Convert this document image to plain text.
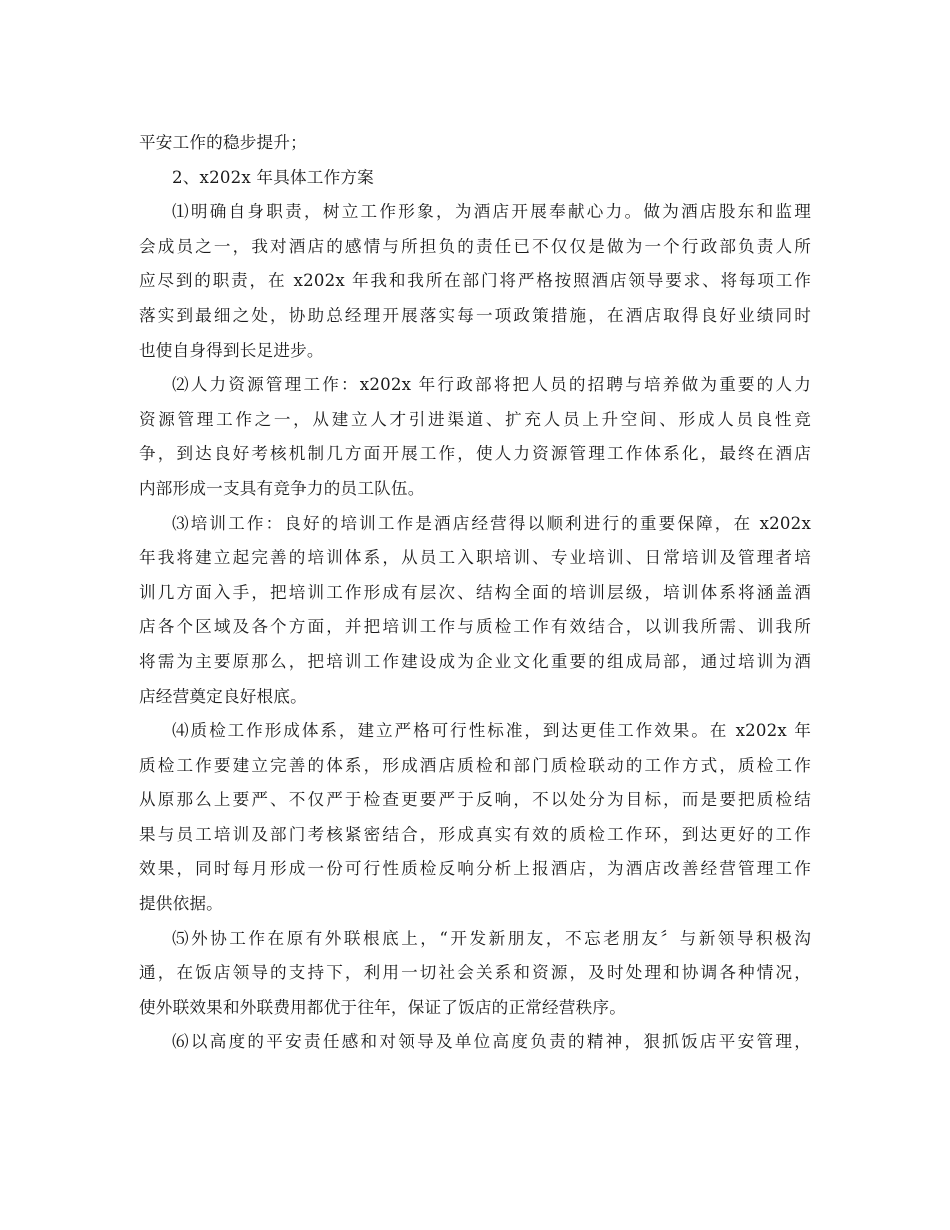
平安工作的稳步提升；
2、x202x 年具体工作方案
⑴明确自身职责，树立工作形象，为酒店开展奉献心力。做为酒店股东和监理
会成员之一，我对酒店的感情与所担负的责任已不仅仅是做为一个行政部负责人所
应尽到的职责，在 x202x 年我和我所在部门将严格按照酒店领导要求、将每项工作
落实到最细之处，协助总经理开展落实每一项政策措施，在酒店取得良好业绩同时
也使自身得到长足进步。
⑵人力资源管理工作：x202x 年行政部将把人员的招聘与培养做为重要的人力
资源管理工作之一，从建立人才引进渠道、扩充人员上升空间、形成人员良性竞
争，到达良好考核机制几方面开展工作，使人力资源管理工作体系化，最终在酒店
内部形成一支具有竞争力的员工队伍。
⑶培训工作：良好的培训工作是酒店经营得以顺利进行的重要保障，在 x202x
年我将建立起完善的培训体系，从员工入职培训、专业培训、日常培训及管理者培
训几方面入手，把培训工作形成有层次、结构全面的培训层级，培训体系将涵盖酒
店各个区域及各个方面，并把培训工作与质检工作有效结合，以训我所需、训我所
将需为主要原那么，把培训工作建设成为企业文化重要的组成局部，通过培训为酒
店经营奠定良好根底。
⑷质检工作形成体系，建立严格可行性标准，到达更佳工作效果。在 x202x 年
质检工作要建立完善的体系，形成酒店质检和部门质检联动的工作方式，质检工作
从原那么上要严、不仅严于检查更要严于反响，不以处分为目标，而是要把质检结
果与员工培训及部门考核紧密结合，形成真实有效的质检工作环，到达更好的工作
效果，同时每月形成一份可行性质检反响分析上报酒店，为酒店改善经营管理工作
提供依据。
⑸外协工作在原有外联根底上，“开发新朋友，不忘老朋友〞与新领导积极沟
通，在饭店领导的支持下，利用一切社会关系和资源，及时处理和协调各种情况，
使外联效果和外联费用都优于往年，保证了饭店的正常经营秩序。
⑹以高度的平安责任感和对领导及单位高度负责的精神，狠抓饭店平安管理，
